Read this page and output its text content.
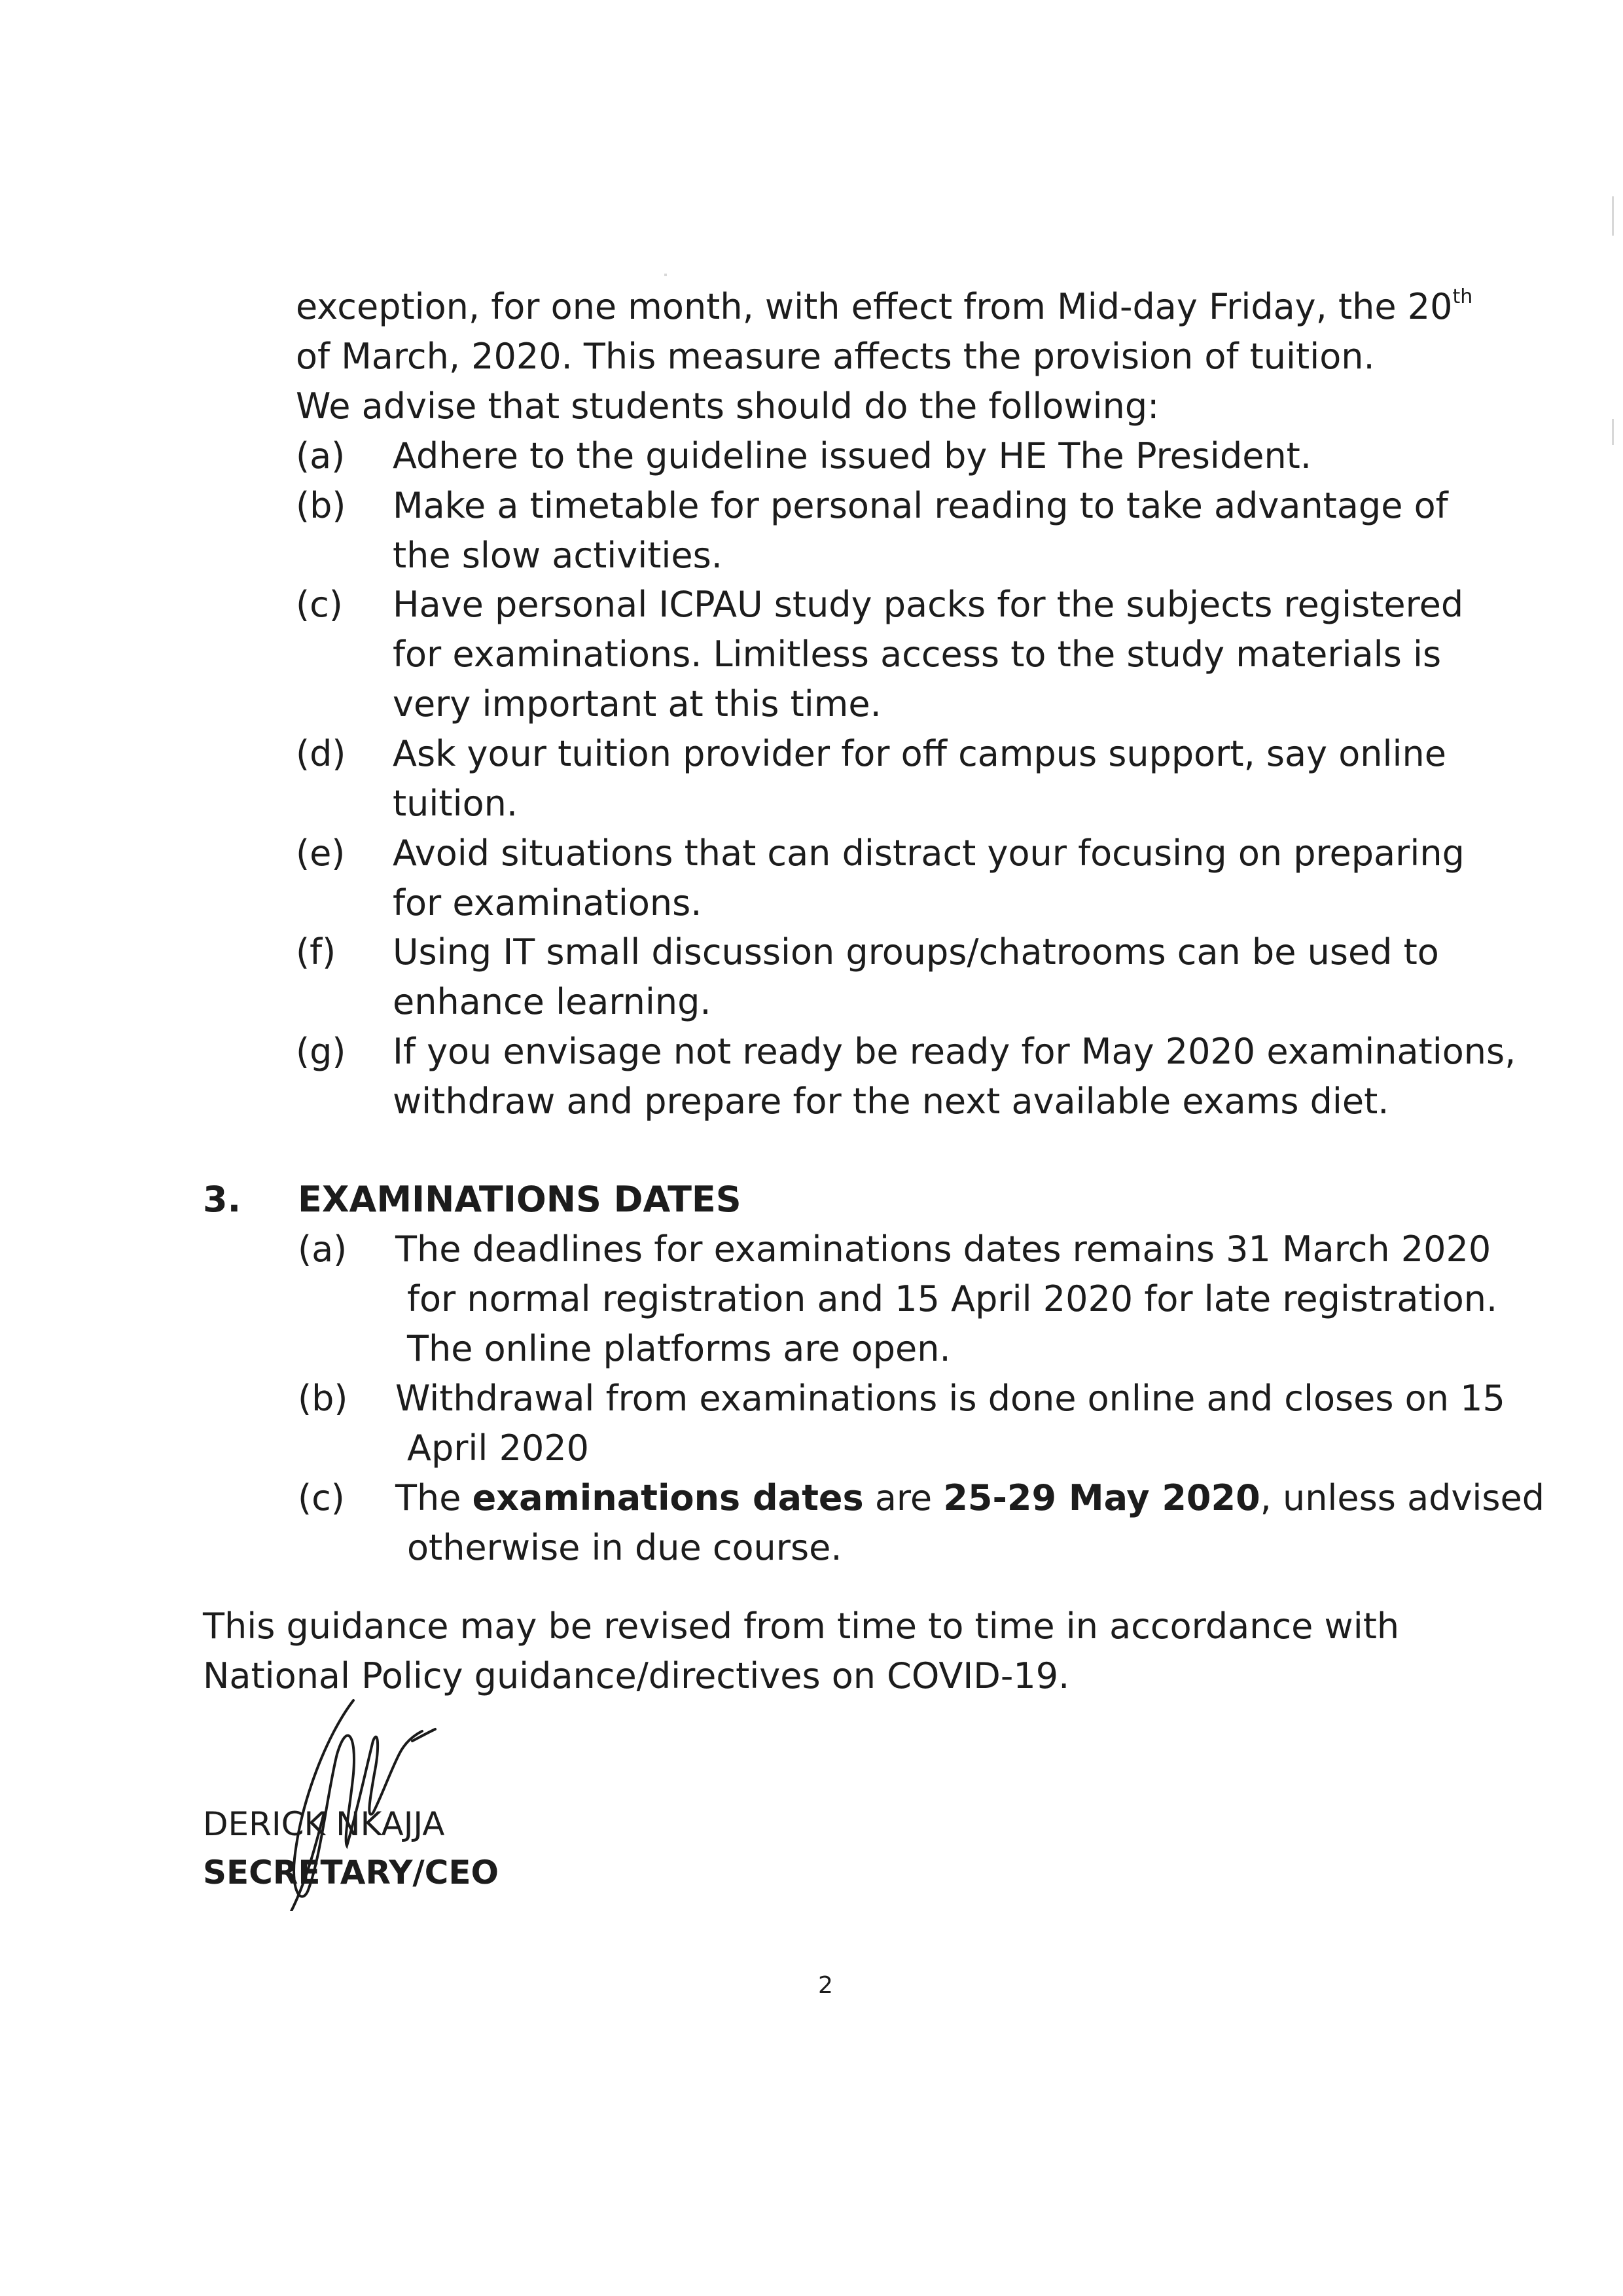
exception, for one month, with effect from Mid-day Friday, the 20th
of March, 2020. This measure affects the provision of tuition.
We advise that students should do the following:
(a) Adhere to the guideline issued by HE The President.
(b) Make a timetable for personal reading to take advantage of
the slow activities.
(c) Have personal ICPAU study packs for the subjects registered
for examinations. Limitless access to the study materials is
very important at this time.
(d) Ask your tuition provider for off campus support, say online
tuition.
(e) Avoid situations that can distract your focusing on preparing
for examinations.
(f) Using IT small discussion groups/chatrooms can be used to
enhance learning.
(g) If you envisage not ready be ready for May 2020 examinations,
withdraw and prepare for the next available exams diet.
3. EXAMINATIONS DATES
(a) The deadlines for examinations dates remains 31 March 2020
for normal registration and 15 April 2020 for late registration.
The online platforms are open.
(b) Withdrawal from examinations is done online and closes on 15
April 2020
(c) The examinations dates are 25-29 May 2020, unless advised
otherwise in due course.
This guidance may be revised from time to time in accordance with
National Policy guidance/directives on COVID-19.
DERICK NKAJJA
SECRETARY/CEO
2
